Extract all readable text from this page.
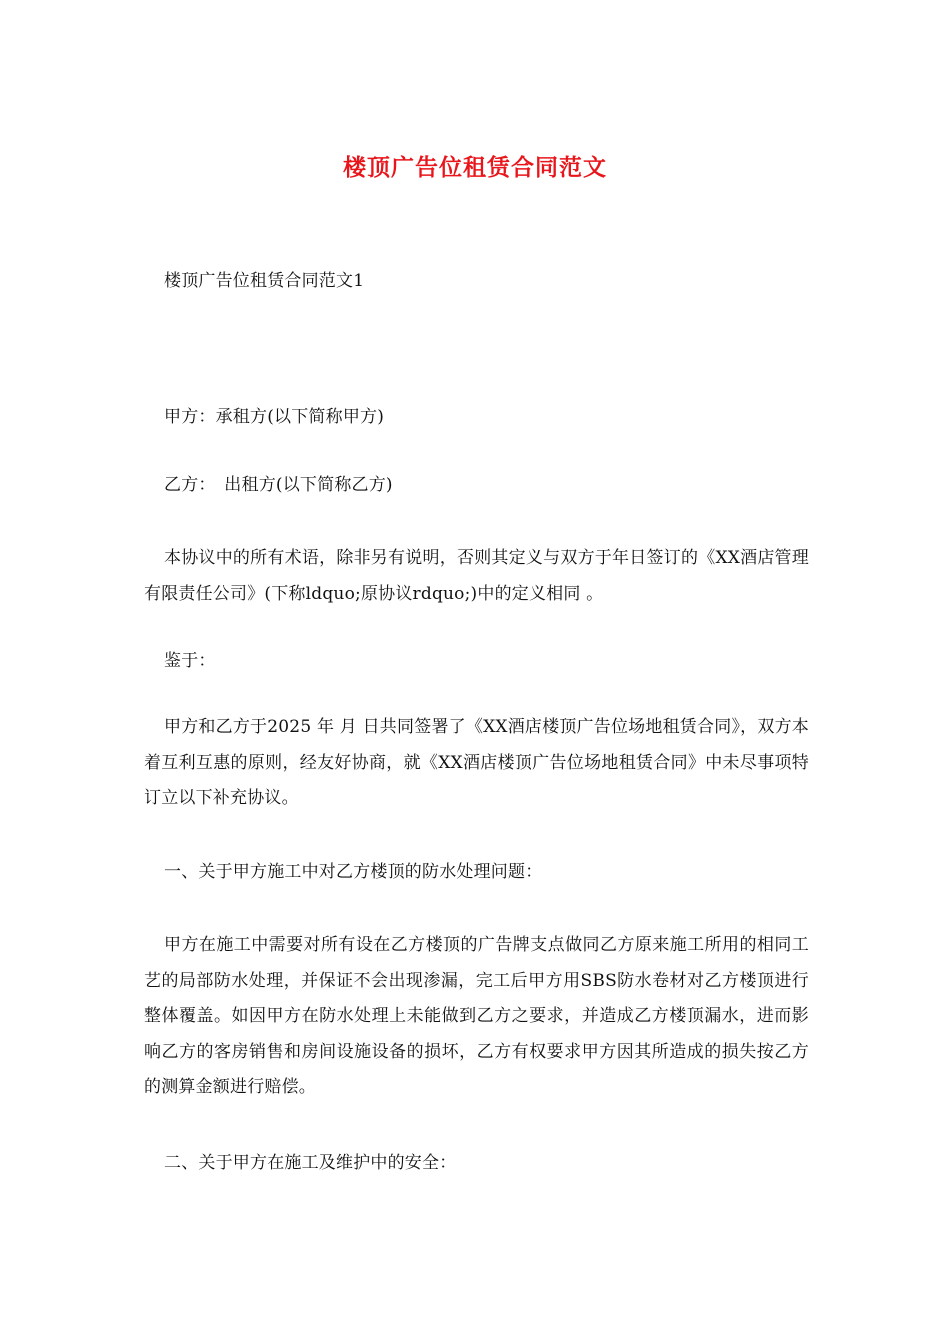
楼顶广告位租赁合同范文
楼顶广告位租赁合同范文1
甲方：承租方(以下简称甲方)
乙方：　出租方(以下简称乙方)
本协议中的所有术语，除非另有说明，否则其定义与双方于年日签订的《XX酒店管理有限责任公司》(下称ldquo;原协议rdquo;)中的定义相同 。
鉴于：
甲方和乙方于2025 年 月 日共同签署了《XX酒店楼顶广告位场地租赁合同》，双方本着互利互惠的原则，经友好协商，就《XX酒店楼顶广告位场地租赁合同》中未尽事项特订立以下补充协议。
一、关于甲方施工中对乙方楼顶的防水处理问题：
甲方在施工中需要对所有设在乙方楼顶的广告牌支点做同乙方原来施工所用的相同工艺的局部防水处理，并保证不会出现渗漏，完工后甲方用SBS防水卷材对乙方楼顶进行整体覆盖。如因甲方在防水处理上未能做到乙方之要求，并造成乙方楼顶漏水，进而影响乙方的客房销售和房间设施设备的损坏，乙方有权要求甲方因其所造成的损失按乙方的测算金额进行赔偿。
二、关于甲方在施工及维护中的安全：
